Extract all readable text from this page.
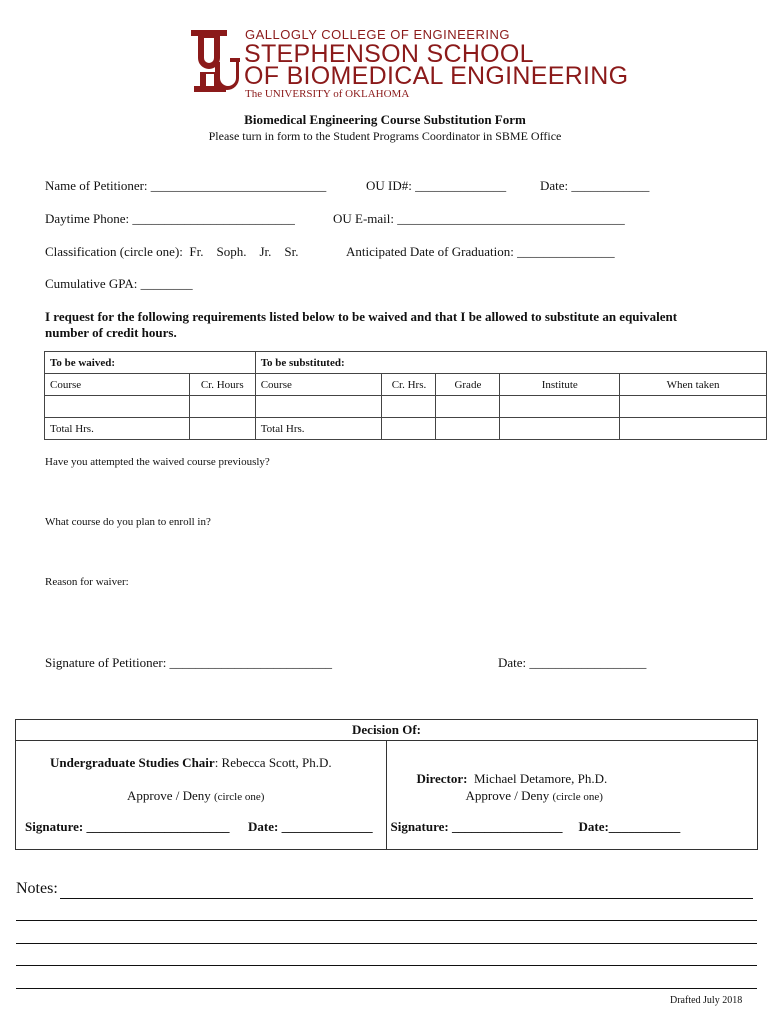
GALLOGLY COLLEGE OF ENGINEERING
STEPHENSON SCHOOL
OF BIOMEDICAL ENGINEERING
The UNIVERSITY of OKLAHOMA
Biomedical Engineering Course Substitution Form
Please turn in form to the Student Programs Coordinator in SBME Office
Name of Petitioner: ___________________________	OU ID#: ______________	Date: ____________
Daytime Phone: _________________________	OU E-mail: ___________________________________
Classification (circle one):  Fr.    Soph.    Jr.    Sr.	Anticipated Date of Graduation: _______________
Cumulative GPA: ________
I request for the following requirements listed below to be waived and that I be allowed to substitute an equivalent
number of credit hours.
To be waived:		To be substituted:				
Course	Cr. Hours	Course	Cr. Hrs.	Grade	Institute	When taken

Total Hrs.		Total Hrs.				
Have you attempted the waived course previously?
What course do you plan to enroll in?
Reason for waiver:
Signature of Petitioner: _________________________	Date: __________________
Decision Of:

Undergraduate Studies Chair: Rebecca Scott, Ph.D.
Approve / Deny (circle one)
Signature: ______________________ Date: ______________

Director:  Michael Detamore, Ph.D.

Approve / Deny (circle one)
Signature: _________________ Date:___________
Notes:
Drafted July 2018
